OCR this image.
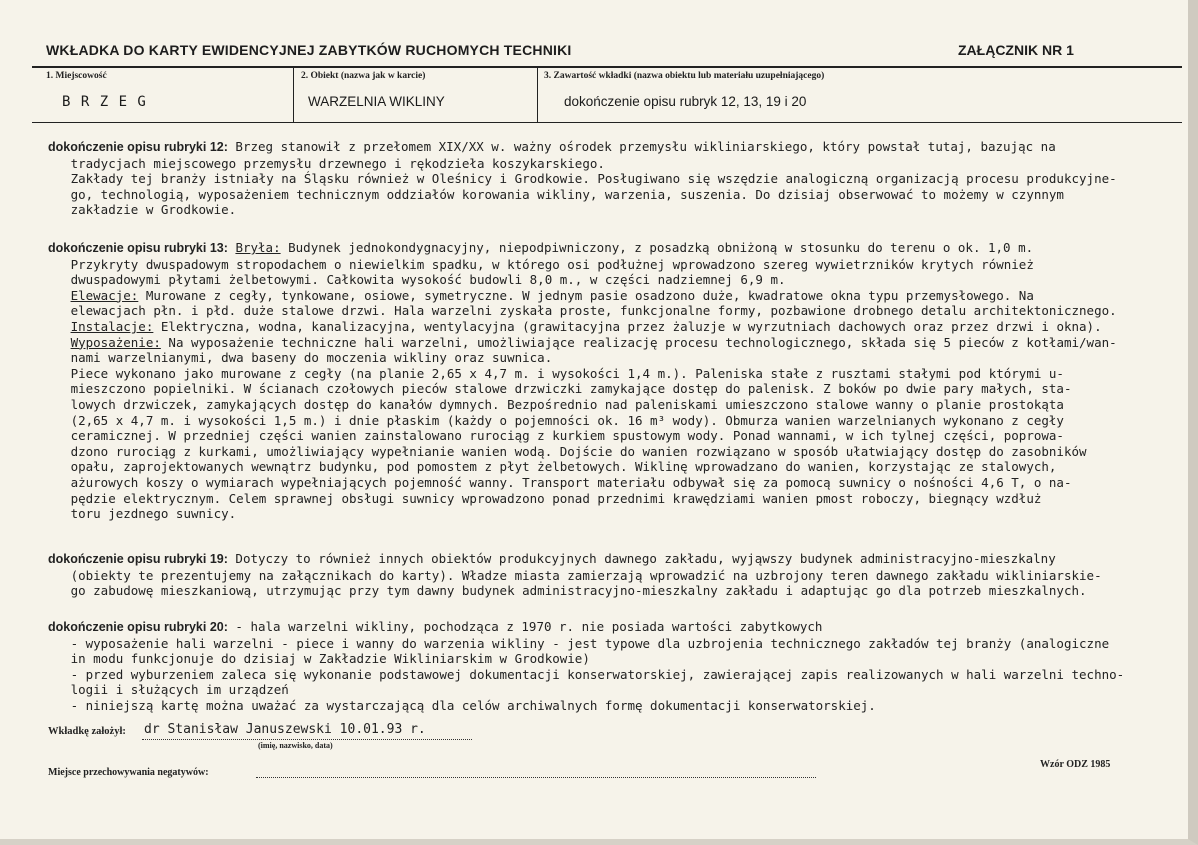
WKŁADKA DO KARTY EWIDENCYJNEJ ZABYTKÓW RUCHOMYCH TECHNIKI	ZAŁĄCZNIK NR 1
1. Miejscowość
B R Z E G
2. Obiekt (nazwa jak w karcie)
WARZELNIA WIKLINY
3. Zawartość wkładki (nazwa obiektu lub materiału uzupełniającego)
dokończenie opisu rubryk 12, 13, 19 i 20
dokończenie opisu rubryki 12: Brzeg stanowił z przełomem XIX/XX w. ważny ośrodek przemysłu wikliniarskiego, który powstał tutaj, bazując na
tradycjach miejscowego przemysłu drzewnego i rękodzieła koszykarskiego.
Zakłady tej branży istniały na Śląsku również w Oleśnicy i Grodkowie. Posługiwano się wszędzie analogiczną organizacją procesu produkcyjne-
go, technologią, wyposażeniem technicznym oddziałów korowania wikliny, warzenia, suszenia. Do dzisiaj obserwować to możemy w czynnym
zakładzie w Grodkowie.
dokończenie opisu rubryki 13: Bryła: Budynek jednokondygnacyjny, niepodpiwniczony, z posadzką obniżoną w stosunku do terenu o ok. 1,0 m.
Przykryty dwuspadowym stropodachem o niewielkim spadku, w którego osi podłużnej wprowadzono szereg wywietrzników krytych również
dwuspadowymi płytami żelbetowymi. Całkowita wysokość budowli 8,0 m., w części nadziemnej 6,9 m.
Elewacje: Murowane z cegły, tynkowane, osiowe, symetryczne. W jednym pasie osadzono duże, kwadratowe okna typu przemysłowego. Na
elewacjach płn. i płd. duże stalowe drzwi. Hala warzelni zyskała proste, funkcjonalne formy, pozbawione drobnego detalu architektonicznego.
Instalacje: Elektryczna, wodna, kanalizacyjna, wentylacyjna (grawitacyjna przez żaluzje w wyrzutniach dachowych oraz przez drzwi i okna).
Wyposażenie: Na wyposażenie techniczne hali warzelni, umożliwiające realizację procesu technologicznego, składa się 5 pieców z kotłami/wan-
nami warzelnianymi, dwa baseny do moczenia wikliny oraz suwnica.
Piece wykonano jako murowane z cegły (na planie 2,65 x 4,7 m. i wysokości 1,4 m.). Paleniska stałe z rusztami stałymi pod którymi u-
mieszczono popielniki. W ścianach czołowych pieców stalowe drzwiczki zamykające dostęp do palenisk. Z boków po dwie pary małych, sta-
lowych drzwiczek, zamykających dostęp do kanałów dymnych. Bezpośrednio nad paleniskami umieszczono stalowe wanny o planie prostokąta
(2,65 x 4,7 m. i wysokości 1,5 m.) i dnie płaskim (każdy o pojemności ok. 16 m³ wody). Obmurza wanien warzelnianych wykonano z cegły
ceramicznej. W przedniej części wanien zainstalowano rurociąg z kurkiem spustowym wody. Ponad wannami, w ich tylnej części, poprowa-
dzono rurociąg z kurkami, umożliwiający wypełnianie wanien wodą. Dojście do wanien rozwiązano w sposób ułatwiający dostęp do zasobników
opału, zaprojektowanych wewnątrz budynku, pod pomostem z płyt żelbetowych. Wiklinę wprowadzano do wanien, korzystając ze stalowych,
ażurowych koszy o wymiarach wypełniających pojemność wanny. Transport materiału odbywał się za pomocą suwnicy o nośności 4,6 T, o na-
pędzie elektrycznym. Celem sprawnej obsługi suwnicy wprowadzono ponad przednimi krawędziami wanien pmost roboczy, biegnący wzdłuż
toru jezdnego suwnicy.

dokończenie opisu rubryki 19: Dotyczy to również innych obiektów produkcyjnych dawnego zakładu, wyjąwszy budynek administracyjno-mieszkalny
(obiekty te prezentujemy na załącznikach do karty). Władze miasta zamierzają wprowadzić na uzbrojony teren dawnego zakładu wikliniarskie-
go zabudowę mieszkaniową, utrzymując przy tym dawny budynek administracyjno-mieszkalny zakładu i adaptując go dla potrzeb mieszkalnych.
dokończenie opisu rubryki 20: - hala warzelni wikliny, pochodząca z 1970 r. nie posiada wartości zabytkowych
- wyposażenie hali warzelni - piece i wanny do warzenia wikliny - jest typowe dla uzbrojenia technicznego zakładów tej branży (analogiczne
in modu funkcjonuje do dzisiaj w Zakładzie Wikliniarskim w Grodkowie)
- przed wyburzeniem zaleca się wykonanie podstawowej dokumentacji konserwatorskiej, zawierającej zapis realizowanych w hali warzelni techno-
logii i służących im urządzeń
- niniejszą kartę można uważać za wystarczającą dla celów archiwalnych formę dokumentacji konserwatorskiej.
Wkładkę założył: dr Stanisław Januszewski 10.01.93 r.
(imię, nazwisko, data)
Miejsce przechowywania negatywów:
Wzór ODZ 1985
